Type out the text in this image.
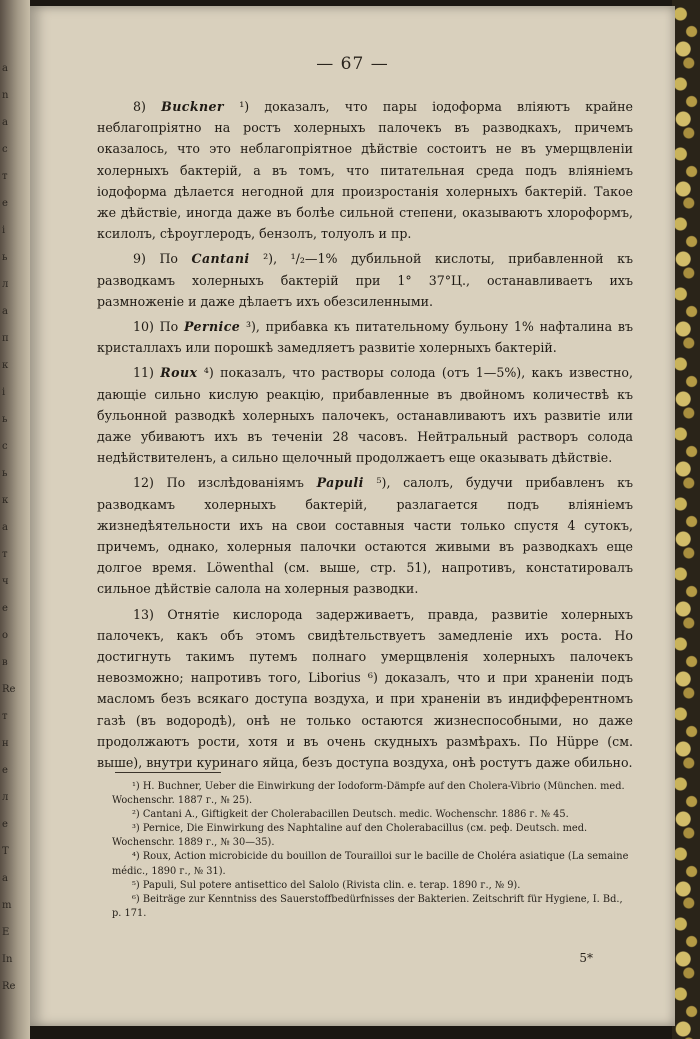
a
n
a
c
т
e
i
ь
л
a
п
к
i
ь
c
ь
к
a
т
ч
e
o
в
Re
т
н
e
л
e
T
a
m
E
In
Re
— 67 —

8) Buckner ¹) доказалъ, что пары iодоформа вліяютъ крайне неблагопріятно на ростъ холерныхъ палочекъ въ разводкахъ, причемъ оказалось, что это неблагопріятное дѣйствіе состоитъ не въ умерщвленіи холерныхъ бактерій, а въ томъ, что питательная среда подъ вліяніемъ iодоформа дѣлается негодной для произростанія холерныхъ бактерій. Такое же дѣйствіе, иногда даже въ болѣе сильной степени, оказываютъ хлороформъ, ксилолъ, сѣроуглеродъ, бензолъ, толуолъ и пр.

9) По Cantani ²), ¹/₂—1% дубильной кислоты, прибавленной къ разводкамъ холерныхъ бактерій при 1° 37°Ц., останавливаетъ ихъ размноженіе и даже дѣлаетъ ихъ обезсиленными.

10) По Pernice ³), прибавка къ питательному бульону 1% нафталина въ кристаллахъ или порошкѣ замедляетъ развитіе холерныхъ бактерій.

11) Roux ⁴) показалъ, что растворы солода (отъ 1—5%), какъ известно, дающіе сильно кислую реакцію, прибавленные въ двойномъ количествѣ къ бульонной разводкѣ холерныхъ палочекъ, останавливаютъ ихъ развитіе или даже убиваютъ ихъ въ теченіи 28 часовъ. Нейтральный растворъ солода недѣйствителенъ, а сильно щелочный продолжаетъ еще оказывать дѣйствіе.

12) По изслѣдованіямъ Papuli ⁵), салолъ, будучи прибавленъ къ разводкамъ холерныхъ бактерій, разлагается подъ вліяніемъ жизнедѣятельности ихъ на свои составныя части только спустя 4 сутокъ, причемъ, однако, холерныя палочки остаются живыми въ разводкахъ еще долгое время. Löwenthal (см. выше, стр. 51), напротивъ, констатировалъ сильное дѣйствіе салола на холерныя разводки.

13) Отнятіе кислорода задерживаетъ, правда, развитіе холерныхъ палочекъ, какъ объ этомъ свидѣтельствуетъ замедленіе ихъ роста. Но достигнуть такимъ путемъ полнаго умерщвленія холерныхъ палочекъ невозможно; напротивъ того, Liborius ⁶) доказалъ, что и при храненіи подъ масломъ безъ всякаго доступа воздуха, и при храненіи въ индифферентномъ газѣ (въ водородѣ), онѣ не только остаются жизнеспособными, но даже продолжаютъ рости, хотя и въ очень скудныхъ размѣрахъ. По Hüppe (см. выше), внутри куринаго яйца, безъ доступа воздуха, онѣ ростутъ даже обильно.

¹) H. Buchner, Ueber die Einwirkung der Iodoform-Dämpfe auf den Cholera-Vibrio (München. med. Wochenschr. 1887 г., № 25).

²) Cantani A., Giftigkeit der Cholerabacillen Deutsch. medic. Wochenschr. 1886 г. № 45.

³) Pernice, Die Einwirkung des Naphtaline auf den Cholerabacillus (см. реф. Deutsch. med. Wochenschr. 1889 г., № 30—35).

⁴) Roux, Action microbicide du bouillon de Tourailloi sur le bacille de Choléra asiatique (La semaine médic., 1890 г., № 31).

⁵) Papuli, Sul potere antisettico del Salolo (Rivista clin. e. terap. 1890 г., № 9).

⁶) Beiträge zur Kenntniss des Sauerstoffbedürfnisses der Bakterien. Zeitschrift für Hygiene, I. Bd., p. 171.

5*
